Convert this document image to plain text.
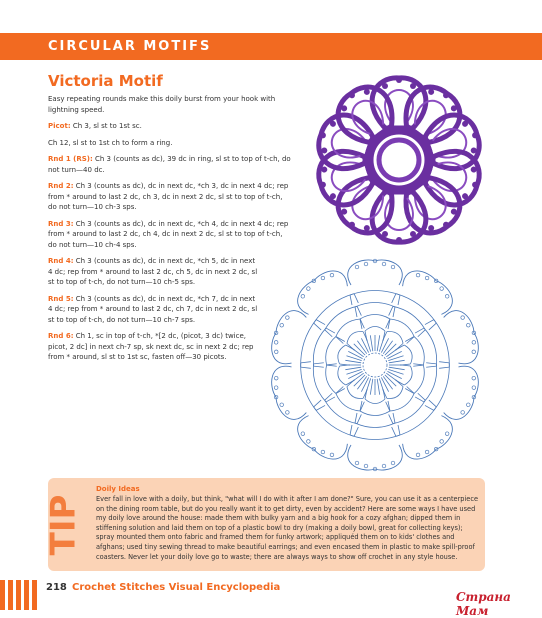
CIRCULAR MOTIFS
Victoria Motif

Easy repeating rounds make this doily burst from your hook with lightning speed.

Picot: Ch 3, sl st to 1st sc.

Ch 12, sl st to 1st ch to form a ring.

Rnd 1 (RS): Ch 3 (counts as dc), 39 dc in ring, sl st to top of t-ch, do not turn—40 dc.

Rnd 2: Ch 3 (counts as dc), dc in next dc, *ch 3, dc in next 4 dc; rep from * around to last 2 dc, ch 3, dc in next 2 dc, sl st to top of t-ch, do not turn—10 ch-3 sps.

Rnd 3: Ch 3 (counts as dc), dc in next dc, *ch 4, dc in next 4 dc; rep from * around to last 2 dc, ch 4, dc in next 2 dc, sl st to top of t-ch, do not turn—10 ch-4 sps.

Rnd 4: Ch 3 (counts as dc), dc in next dc, *ch 5, dc in next 4 dc; rep from * around to last 2 dc, ch 5, dc in next 2 dc, sl st to top of t-ch, do not turn—10 ch-5 sps.

Rnd 5: Ch 3 (counts as dc), dc in next dc, *ch 7, dc in next 4 dc; rep from * around to last 2 dc, ch 7, dc in next 2 dc, sl st to top of t-ch, do not turn—10 ch-7 sps.

Rnd 6: Ch 1, sc in top of t-ch, *[2 dc, (picot, 3 dc) twice, picot, 2 dc] in next ch-7 sp, sk next dc, sc in next 2 dc; rep from * around, sl st to 1st sc, fasten off—30 picots.

TIP
Doily Ideas
Ever fall in love with a doily, but think, "what will I do with it after I am done?" Sure, you can use it as a centerpiece on the dining room table, but do you really want it to get dirty, even by accident? Here are some ways I have used my doily love around the house: made them with bulky yarn and a big hook for a cozy afghan; dipped them in stiffening solution and laid them on top of a plastic bowl to dry (making a doily bowl, great for collecting keys); spray mounted them onto fabric and framed them for funky artwork; appliquéd them on to kids' clothes and afghans; used tiny sewing thread to make beautiful earrings; and even encased them in plastic to make spill-proof coasters. Never let your doily love go to waste; there are always ways to show off crochet in any style house.
218 Crochet Stitches Visual Encyclopedia
Страна Мам
